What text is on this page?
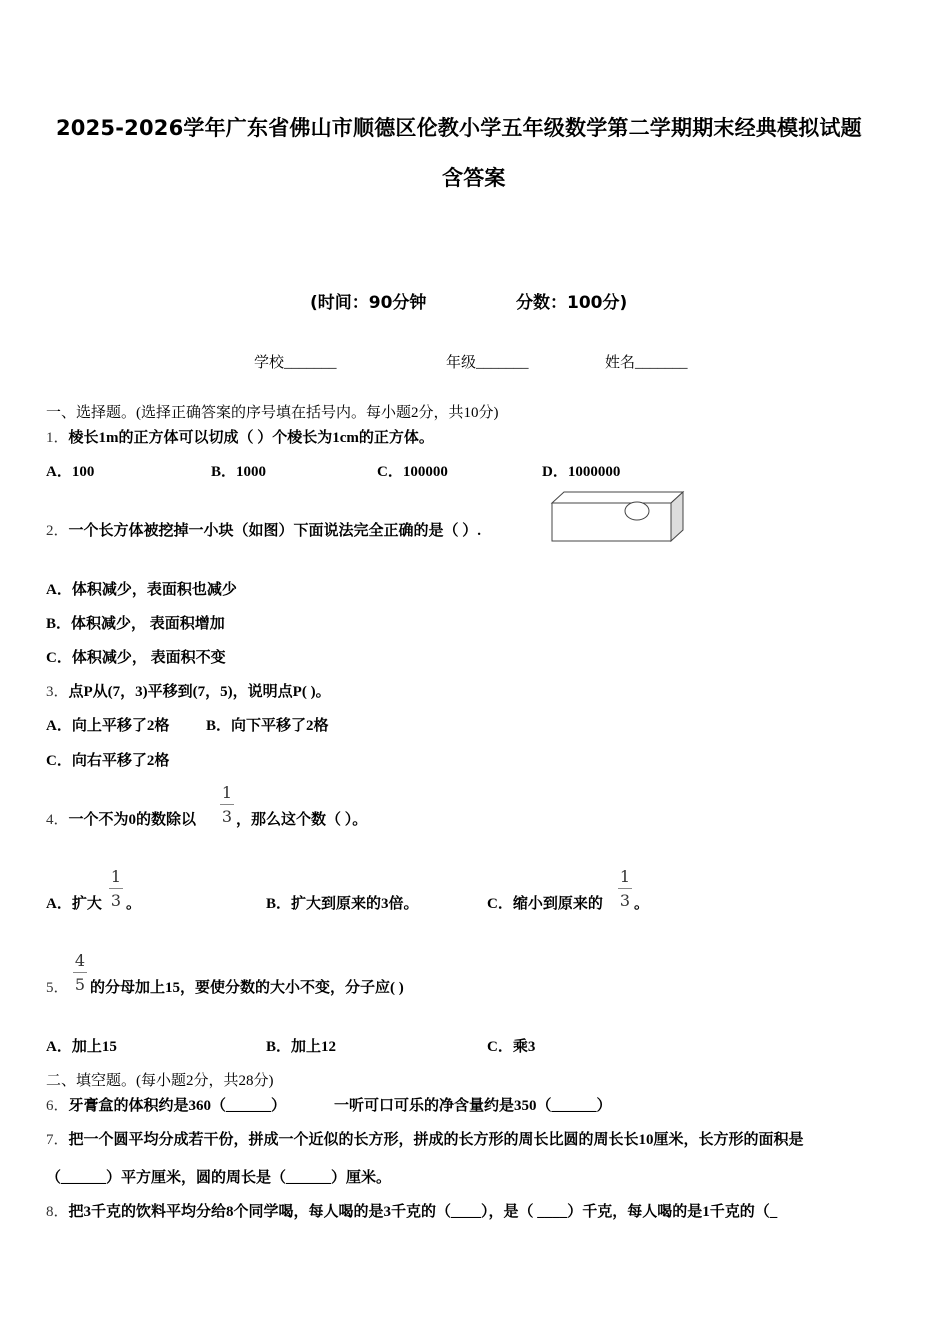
2025-2026学年广东省佛山市顺德区伦教小学五年级数学第二学期期末经典模拟试题
含答案
(时间：90分钟	分数：100分)
学校_______	年级_______	姓名_______
一、选择题。(选择正确答案的序号填在括号内。每小题2分，共10分)
1．棱长1m的正方体可以切成（ ）个棱长为1cm的正方体。
A．100	B．1000	C．100000	D．1000000
2．一个长方体被挖掉一小块（如图）下面说法完全正确的是（ ）.
A．体积减少，表面积也减少
B．体积减少， 表面积增加
C．体积减少， 表面积不变
3．点P从(7，3)平移到(7，5)，说明点P( )。
A．向上平移了2格 B．向下平移了2格
C．向右平移了2格
4．一个不为0的数除以
1
3 ，那么这个数（ ）。
A．扩大
1
3 。	B．扩大到原来的3倍。	C．缩小到原来的
1
3 。
5．
4
5 的分母加上15，要使分数的大小不变，分子应( )
A．加上15	B．加上12	C．乘3
二、填空题。(每小题2分，共28分)
6．牙膏盒的体积约是360（______）	一听可口可乐的净含量约是350（______）
7．把一个圆平均分成若干份，拼成一个近似的长方形，拼成的长方形的周长比圆的周长长10厘米，长方形的面积是
（______）平方厘米，圆的周长是（______）厘米。
8．把3千克的饮料平均分给8个同学喝，每人喝的是3千克的（____），是（ ____）千克，每人喝的是1千克的（_
